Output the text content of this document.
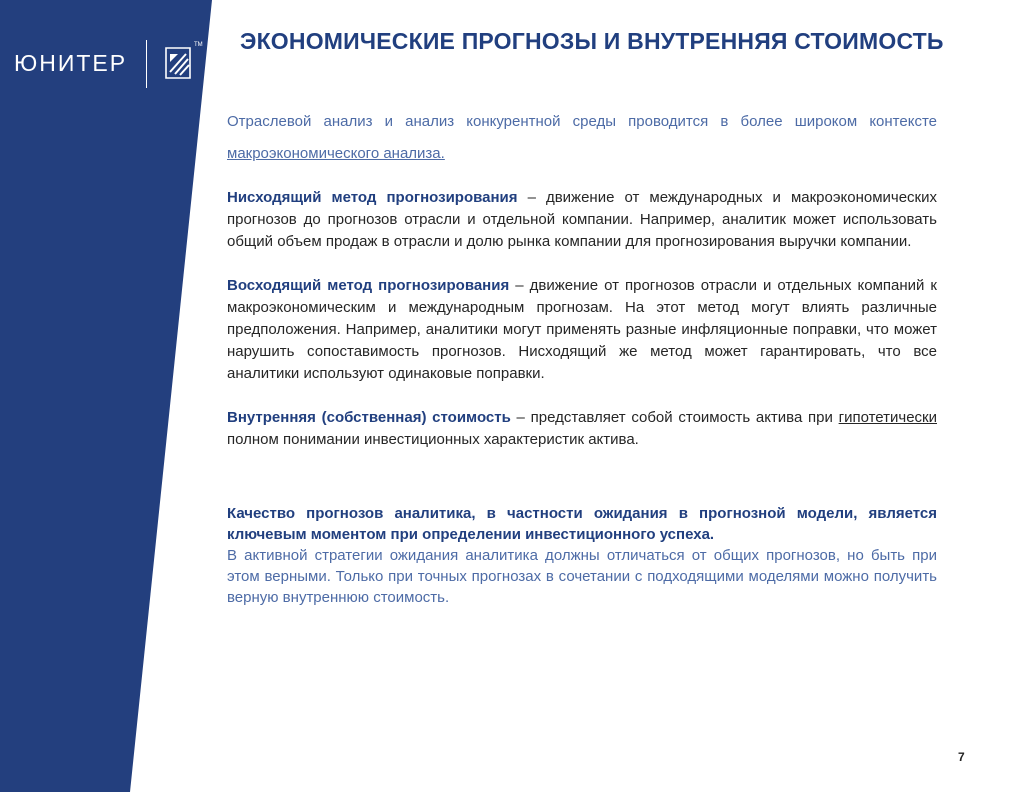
ЮНИТЕР
TM ЭКОНОМИЧЕСКИЕ ПРОГНОЗЫ И ВНУТРЕННЯЯ СТОИМОСТЬ

Отраслевой анализ и анализ конкурентной среды проводится в более широком контексте макроэкономического анализа.

Нисходящий метод прогнозирования – движение от международных и макроэкономических прогнозов до прогнозов отрасли и отдельной компании. Например, аналитик может использовать общий объем продаж в отрасли и долю рынка компании для прогнозирования выручки компании.

Восходящий метод прогнозирования – движение от прогнозов отрасли и отдельных компаний к макроэкономическим и международным прогнозам. На этот метод могут влиять различные предположения. Например, аналитики могут применять разные инфляционные поправки, что может нарушить сопоставимость прогнозов. Нисходящий же метод может гарантировать, что все аналитики используют одинаковые поправки.

Внутренняя (собственная) стоимость – представляет собой стоимость актива при гипотетически полном понимании инвестиционных характеристик актива.

Качество прогнозов аналитика, в частности ожидания в прогнозной модели, является ключевым моментом при определении инвестиционного успеха.
В активной стратегии ожидания аналитика должны отличаться от общих прогнозов, но быть при этом верными. Только при точных прогнозах в сочетании с подходящими моделями можно получить верную внутреннюю стоимость.

7
